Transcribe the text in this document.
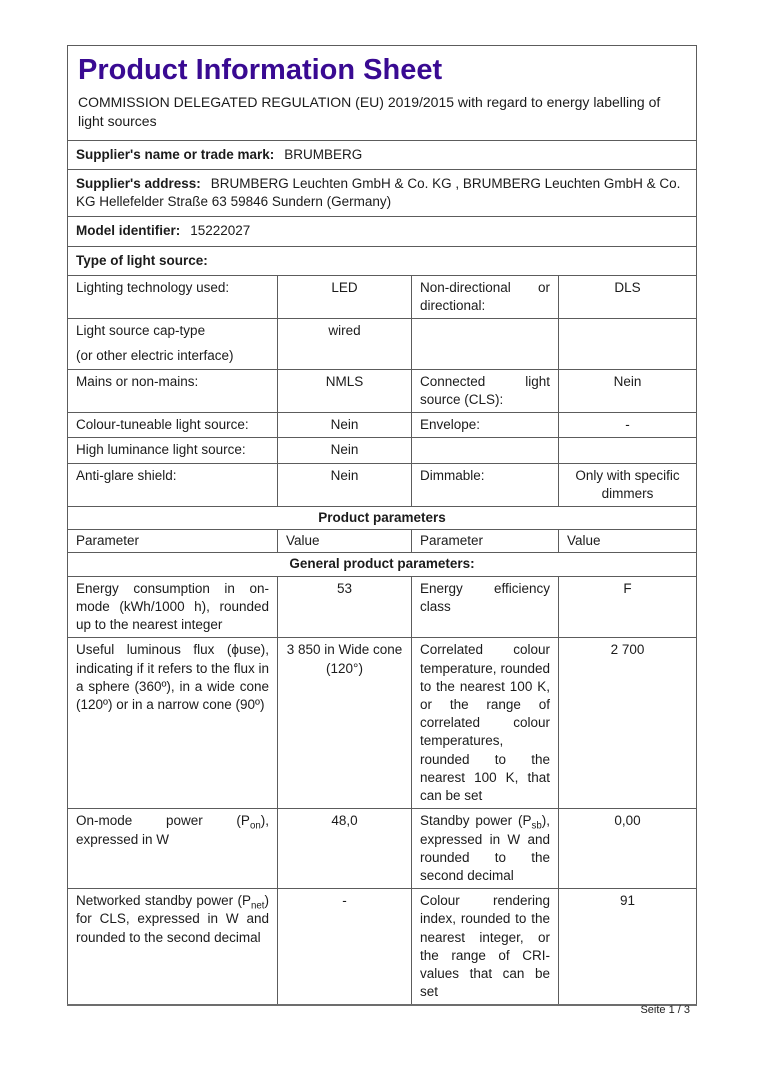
Product Information Sheet

COMMISSION DELEGATED REGULATION (EU) 2019/2015 with regard to energy labelling of light sources

Supplier's name or trade mark: BRUMBERG			
Supplier's address: BRUMBERG Leuchten GmbH & Co. KG , BRUMBERG Leuchten GmbH & Co. KG Hellefelder Straße 63 59846 Sundern (Germany)			
Model identifier: 15222027			
Type of light source:			
Lighting technology used:	LED	Non-directional or directional:	DLS

Light source cap-type
(or other electric interface)	wired		
Mains or non-mains:	NMLS	Connected light source (CLS):	Nein
Colour-tuneable light source:	Nein	Envelope:	-
High luminance light source:	Nein		
Anti-glare shield:	Nein	Dimmable:	Only with specific dimmers
Product parameters			
Parameter	Value	Parameter	Value
General product parameters:			
Energy consumption in on-mode (kWh/1000 h), rounded up to the nearest integer	53	Energy efficiency class	F
Useful luminous flux (ϕuse), indicating if it refers to the flux in a sphere (360º), in a wide cone (120º) or in a narrow cone (90º)	3 850 in Wide cone (120°)	Correlated colour temperature, rounded to the nearest 100 K, or the range of correlated colour temperatures, rounded to the nearest 100 K, that can be set	2 700
On-mode power $(P_{on})$, expressed in W	48,0	Standby power $(P_{sb})$, expressed in W and rounded to the second decimal	0,00
Networked standby power $(P_{net})$ for CLS, expressed in W and rounded to the second decimal	-	Colour rendering index, rounded to the nearest integer, or the range of CRI-values that can be set	91
Seite 1 / 3
